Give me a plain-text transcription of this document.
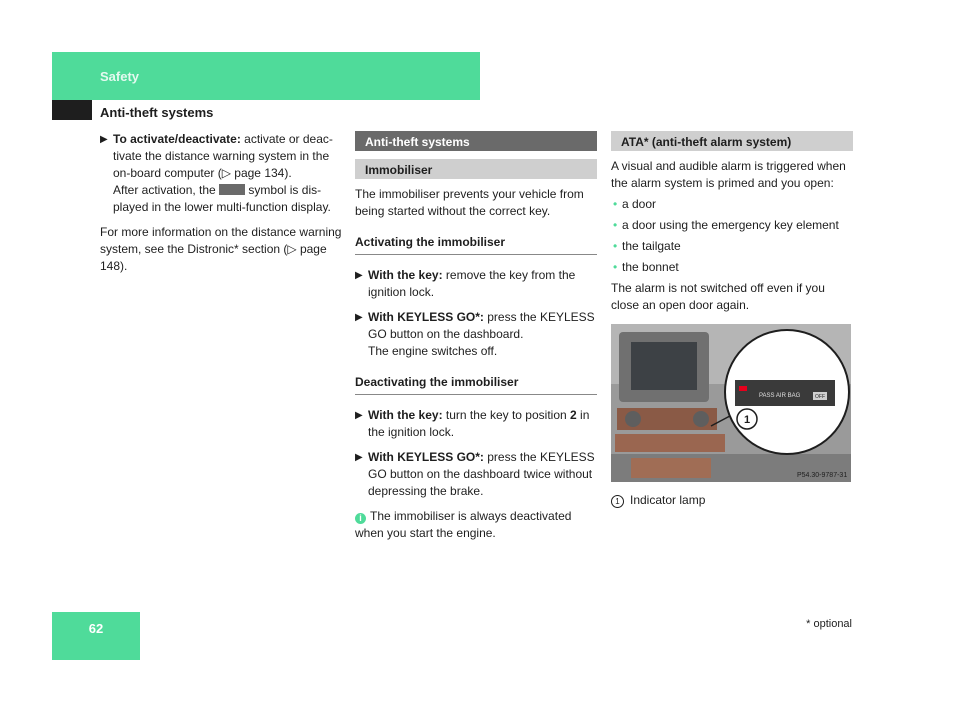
Safety
Anti-theft systems
▶ To activate/deactivate: activate or deac-tivate the distance warning system in the on-board computer (▷ page 134).
After activation, the	symbol is dis-played in the lower multi-function display.

For more information on the distance warning system, see the Distronic* section (▷ page 148).

Anti-theft systems
Immobiliser

The immobiliser prevents your vehicle from being started without the correct key.

Activating the immobiliser
▶ With the key: remove the key from the ignition lock.
▶ With KEYLESS GO*: press the KEYLESS GO button on the dashboard.
The engine switches off.
Deactivating the immobiliser
▶ With the key: turn the key to position 2 in the ignition lock.
▶ With KEYLESS GO*: press the KEYLESS GO button on the dashboard twice without depressing the brake.

i The immobiliser is always deactivated when you start the engine.

ATA* (anti-theft alarm system)

A visual and audible alarm is triggered when the alarm system is primed and you open:

• a door
• a door using the emergency key element
• the tailgate
• the bonnet

The alarm is not switched off even if you close an open door again.

PASS AIR BAG	OFF
1
P54.30-9787-31

1 Indicator lamp

62	* optional
